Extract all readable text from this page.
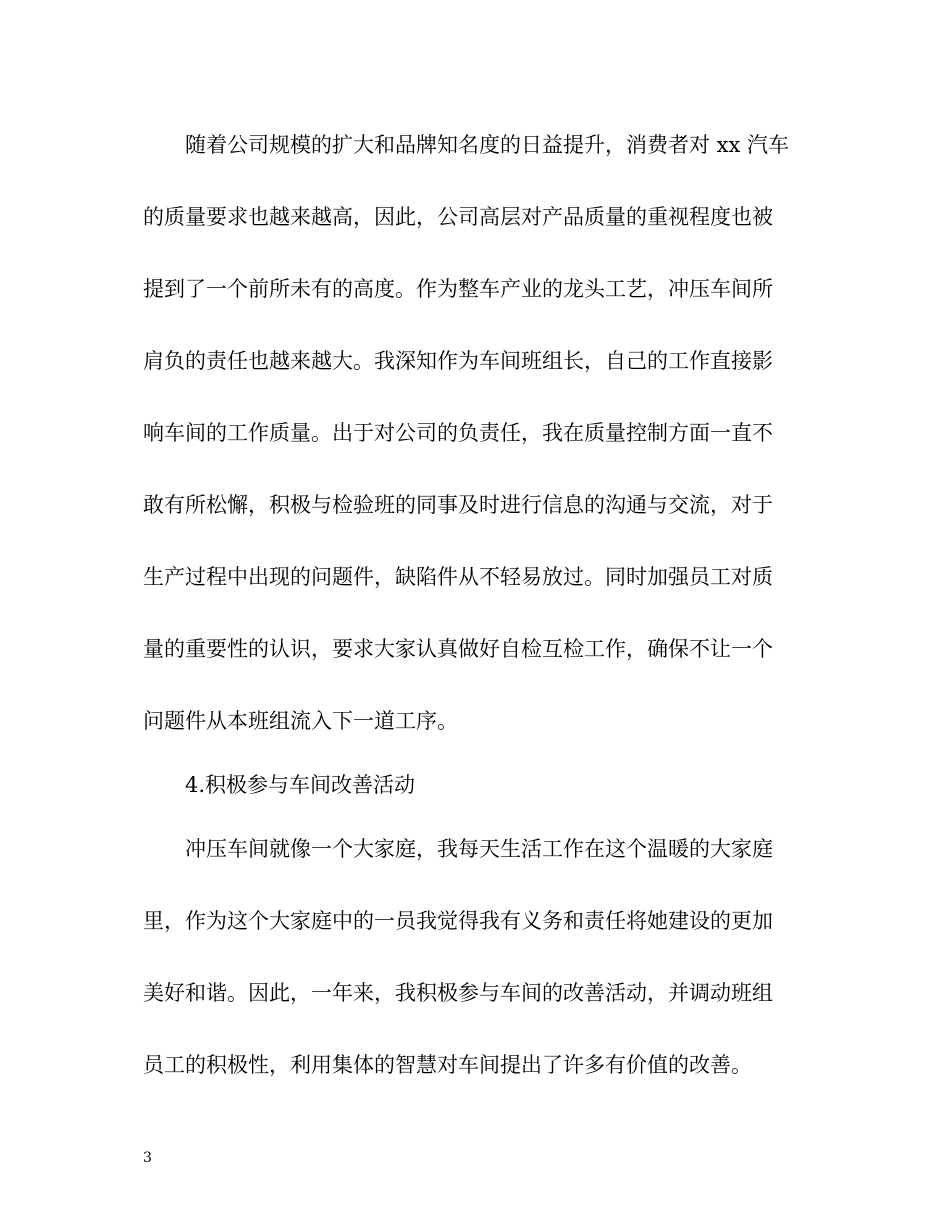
随着公司规模的扩大和品牌知名度的日益提升，消费者对 xx 汽车
的质量要求也越来越高，因此，公司高层对产品质量的重视程度也被
提到了一个前所未有的高度。作为整车产业的龙头工艺，冲压车间所
肩负的责任也越来越大。我深知作为车间班组长，自己的工作直接影
响车间的工作质量。出于对公司的负责任，我在质量控制方面一直不
敢有所松懈，积极与检验班的同事及时进行信息的沟通与交流，对于
生产过程中出现的问题件，缺陷件从不轻易放过。同时加强员工对质
量的重要性的认识，要求大家认真做好自检互检工作，确保不让一个
问题件从本班组流入下一道工序。
4.积极参与车间改善活动
冲压车间就像一个大家庭，我每天生活工作在这个温暖的大家庭
里，作为这个大家庭中的一员我觉得我有义务和责任将她建设的更加
美好和谐。因此，一年来，我积极参与车间的改善活动，并调动班组
员工的积极性，利用集体的智慧对车间提出了许多有价值的改善。
3
